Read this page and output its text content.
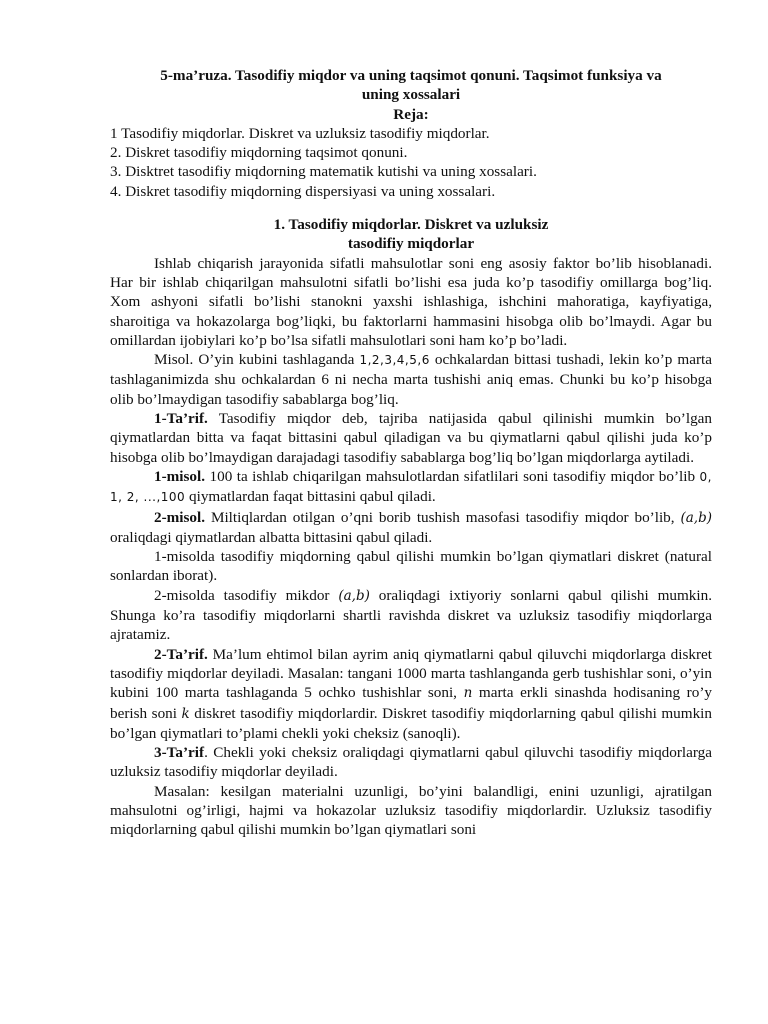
5-ma’ruza. Tasodifiy miqdor va uning taqsimot qonuni. Taqsimot funksiya va
uning xossalari

Reja:

1 Tasodifiy miqdorlar. Diskret va uzluksiz tasodifiy miqdorlar.

2. Diskret tasodifiy miqdorning taqsimot qonuni.

3. Disktret tasodifiy miqdorning matematik kutishi va uning xossalari.

4. Diskret tasodifiy miqdorning dispersiyasi va uning xossalari.

1. Tasodifiy miqdorlar. Diskret va uzluksiz
tasodifiy miqdorlar

Ishlab chiqarish jarayonida sifatli mahsulotlar soni eng asosiy faktor bo’lib hisoblanadi. Har bir ishlab chiqarilgan mahsulotni sifatli bo’lishi esa juda ko’p tasodifiy omillarga bog’liq. Xom ashyoni sifatli bo’lishi stanokni yaxshi ishlashiga, ishchini mahoratiga, kayfiyatiga, sharoitiga va hokazolarga bog’liqki, bu faktorlarni hammasini hisobga olib bo’lmaydi. Agar bu omillardan ijobiylari ko’p bo’lsa sifatli mahsulotlari soni ham ko’p bo’ladi.

Misol. O’yin kubini tashlaganda 1,2,3,4,5,6 ochkalardan bittasi tushadi, lekin ko’p marta tashlaganimizda shu ochkalardan 6 ni necha marta tushishi aniq emas. Chunki bu ko’p hisobga olib bo’lmaydigan tasodifiy sabablarga bog’liq.

1-Ta’rif. Tasodifiy miqdor deb, tajriba natijasida qabul qilinishi mumkin bo’lgan qiymatlardan bitta va faqat bittasini qabul qiladigan va bu qiymatlarni qabul qilishi juda ko’p hisobga olib bo’lmaydigan darajadagi tasodifiy sabablarga bog’liq bo’lgan miqdorlarga aytiladi.

1-misol. 100 ta ishlab chiqarilgan mahsulotlardan sifatlilari soni tasodifiy miqdor bo’lib 0, 1, 2, ...,100 qiymatlardan faqat bittasini qabul qiladi.

2-misol. Miltiqlardan otilgan o’qni borib tushish masofasi tasodifiy miqdor bo’lib, (a,b) oraliqdagi qiymatlardan albatta bittasini qabul qiladi.

1-misolda tasodifiy miqdorning qabul qilishi mumkin bo’lgan qiymatlari diskret (natural sonlardan iborat).

2-misolda tasodifiy mikdor (a,b) oraliqdagi ixtiyoriy sonlarni qabul qilishi mumkin. Shunga ko’ra tasodifiy miqdorlarni shartli ravishda diskret va uzluksiz tasodifiy miqdorlarga ajratamiz.

2-Ta’rif. Ma’lum ehtimol bilan ayrim aniq qiymatlarni qabul qiluvchi miqdorlarga diskret tasodifiy miqdorlar deyiladi. Masalan: tangani 1000 marta tashlanganda gerb tushishlar soni, o’yin kubini 100 marta tashlaganda 5 ochko tushishlar soni, n marta erkli sinashda hodisaning ro’y berish soni k diskret tasodifiy miqdorlardir. Diskret tasodifiy miqdorlarning qabul qilishi mumkin bo’lgan qiymatlari to’plami chekli yoki cheksiz (sanoqli).

3-Ta’rif. Chekli yoki cheksiz oraliqdagi qiymatlarni qabul qiluvchi tasodifiy miqdorlarga uzluksiz tasodifiy miqdorlar deyiladi.

Masalan: kesilgan materialni uzunligi, bo’yini balandligi, enini uzunligi, ajratilgan mahsulotni og’irligi, hajmi va hokazolar uzluksiz tasodifiy miqdorlardir. Uzluksiz tasodifiy miqdorlarning qabul qilishi mumkin bo’lgan qiymatlari soni
